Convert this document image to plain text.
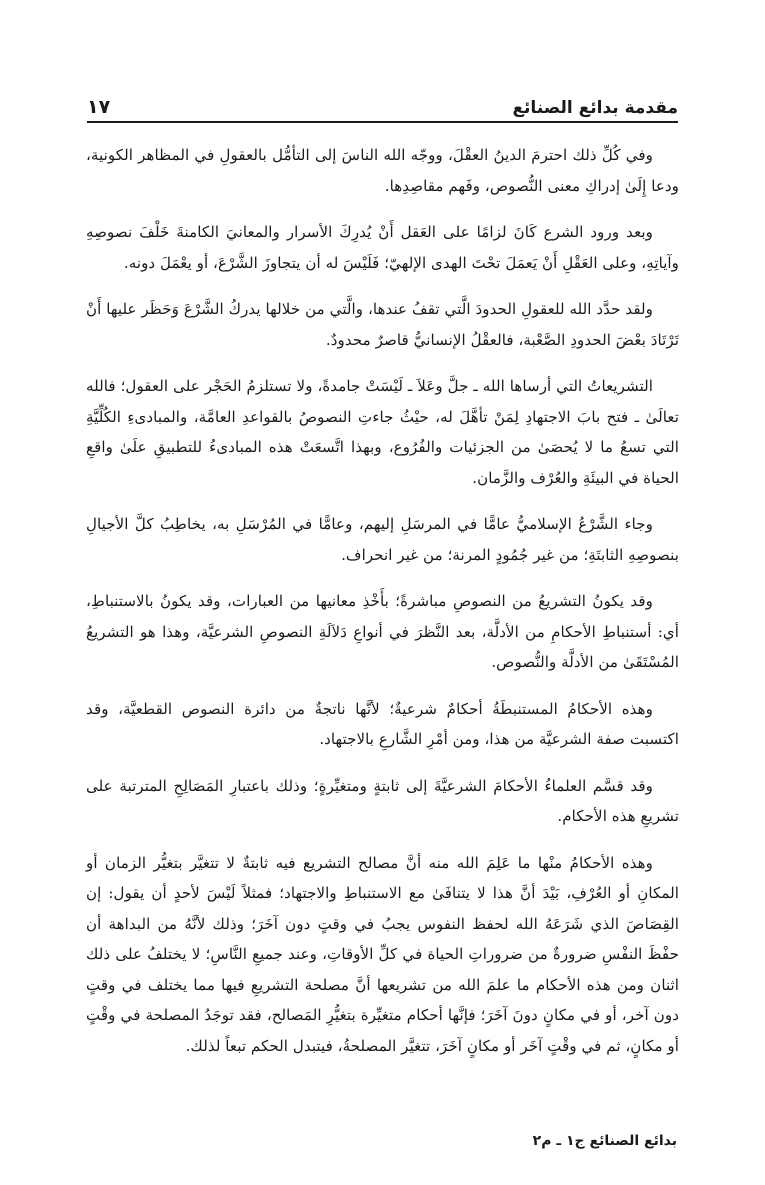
مقدمة بدائع الصنائع
١٧

وفي كُلِّ ذلك احترمَ الدينُ العقْلَ، ووجّه الله الناسَ إلى التأمُّل بالعقولِ في المظاهر الكونية، ودعا إِلَىٰ إدراكِ معنى النُّصوص، وفَهم مقاصِدِها.

وبعد ورود الشرع كَانَ لزامًا على العَقل أَنْ يُدرِكَ الأسرار والمعانيَ الكامنةَ خَلْفَ نصوصِهِ وآياتِهِ، وعلى العَقْلِ أَنْ يَعمَلَ تحْتَ الهدى الإلهيّ؛ فَلَيْسَ له أن يتجاوزَ الشَّرْعَ، أو يعْمَلَ دونه.

ولقد حدَّد الله للعقولِ الحدودَ الَّتي تقفُ عندها، والَّتي من خلالها يدركُ الشَّرْعَ وَحَظَر عليها أَنْ تَرْتَادَ بعْضَ الحدودِ الصَّعْبة، فالعقْلُ الإنسانيُّ قاصرٌ محدودٌ.

التشريعاتُ التي أرساها الله ـ جلَّ وعَلاَ ـ لَيْسَتْ جامدةً، ولا تستلزمُ الحَجْر على العقول؛ فالله تعالَىٰ ـ فتح بابَ الاجتهادِ لِمَنْ تأهَّلَ له، حيْثُ جاءتِ النصوصُ بالقواعدِ العامَّة، والمبادىءِ الكُلِّيَّةِ التي تسعُ ما لا يُحصَىٰ من الجزئيات والفُرُوع، وبهذا اتَّسعَتْ هذه المبادىءُ للتطبيقِ علَىٰ واقعِ الحياة في البيئَةِ والعُرْف والزَّمان.

وجاء الشَّرْعُ الإسلاميُّ عامًّا في المرسَلِ إليهم، وعامًّا في المُرْسَلِ به، يخاطِبُ كلَّ الأجيالِ بنصوصِهِ الثابتَةِ؛ من غير جُمُودٍ المرنة؛ من غير انحراف.

وقد يكونُ التشريعُ من النصوصِ مباشرةً؛ بأَخْذِ معانيها من العبارات، وقد يكونُ بالاستنباطِ، أي: أستنباطِ الأحكامِ من الأدلَّة، بعد النَّظرَ في أنواعِ دَلاَلَةِ النصوصِ الشرعيَّة، وهذا هو التشريعُ المُسْتَقَىٰ من الأدلَّة والنُّصوص.

وهذه الأحكامُ المستنبطَةُ أحكامٌ شرعيةٌ؛ لأنَّها ناتجةٌ من دائرة النصوص القطعيَّة، وقد اكتسبت صفة الشرعيَّة من هذا، ومن أمْرِ الشَّارعِ بالاجتهاد.

وقد قسَّم العلماءُ الأحكامَ الشرعيَّةَ إلى ثابتةٍ ومتغيِّرةٍ؛ وذلك باعتبارِ المَصَالِحِ المترتبة على تشريعِ هذه الأحكام.

وهذه الأحكامُ منْها ما عَلِمَ الله منه أنَّ مصالح التشريع فيه ثابتةٌ لا تتغيَّر بتغيُّر الزمان أو المكانِ أو العُرْفِ، بَيْدَ أنَّ هذا لا يتنافَىٰ مع الاستنباطِ والاجتهاد؛ فمثلاً لَيْسَ لأحدٍ أن يقول: إن القِصَاصَ الذي شَرَعَهُ الله لحفظ النفوس يجبُ في وقتٍ دون آخَرَ؛ وذلك لأنَّهُ من البداهة أن حفْظَ النفْسِ ضرورةٌ من ضروراتِ الحياة في كلِّ الأوقاتِ، وعند جميعِ النَّاسِ؛ لا يختلفُ على ذلك اثنان ومن هذه الأحكام ما علمَ الله من تشريعها أنَّ مصلحة التشريعِ فيها مما يختلف في وقتٍ دون آخر، أو في مكانٍ دونَ آخَرَ؛ فإنَّها أحكام متغيِّرة بتغيُّرِ المَصالح، فقد توجَدُ المصلحة في وقْتٍ أو مكانٍ، ثم في وقْتٍ آخَر أو مكانٍ آخَرَ، تتغيَّر المصلحةُ، فيتبدل الحكم تبعاً لذلك.

بدائع الصنائع ج١ ـ م٢
